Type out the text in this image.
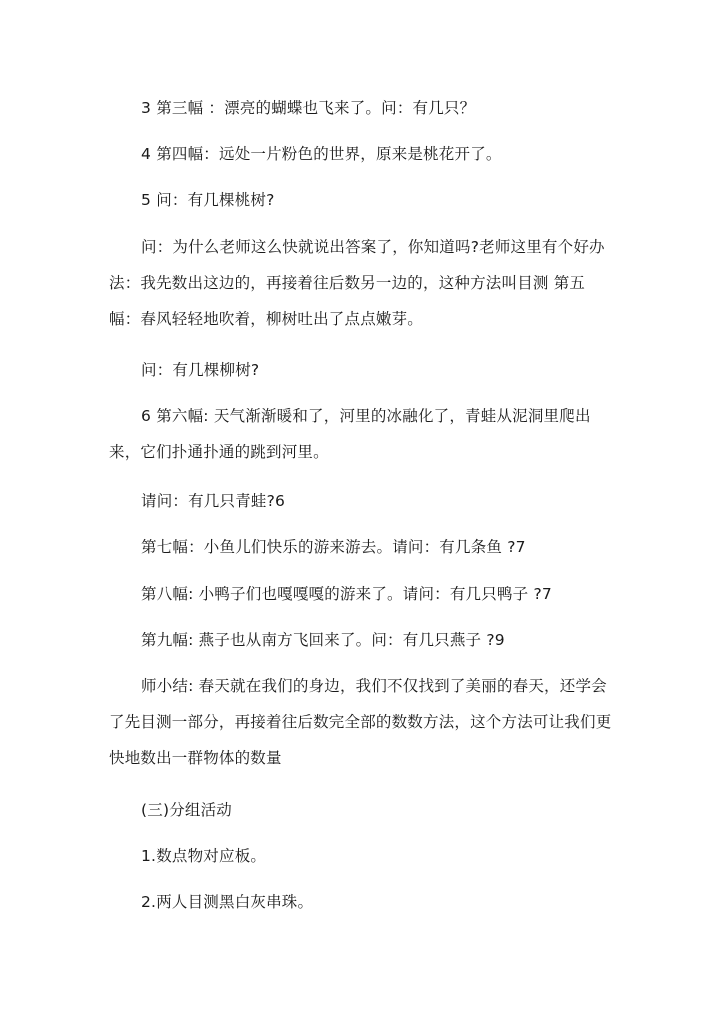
3 第三幅 ：漂亮的蝴蝶也飞来了。问：有几只？

4 第四幅：远处一片粉色的世界，原来是桃花开了。

5 问：有几棵桃树?

问：为什么老师这么快就说出答案了，你知道吗?老师这里有个好办法：我先数出这边的，再接着往后数另一边的，这种方法叫目测 第五幅：春风轻轻地吹着，柳树吐出了点点嫩芽。

问：有几棵柳树?

6 第六幅: 天气渐渐暖和了，河里的冰融化了，青蛙从泥洞里爬出来，它们扑通扑通的跳到河里。

请问：有几只青蛙?6

第七幅：小鱼儿们快乐的游来游去。请问：有几条鱼 ?7

第八幅: 小鸭子们也嘎嘎嘎的游来了。请问：有几只鸭子 ?7

第九幅: 燕子也从南方飞回来了。问：有几只燕子 ?9

师小结: 春天就在我们的身边，我们不仅找到了美丽的春天，还学会了先目测一部分，再接着往后数完全部的数数方法，这个方法可让我们更快地数出一群物体的数量

(三)分组活动

1.数点物对应板。

2.两人目测黑白灰串珠。
